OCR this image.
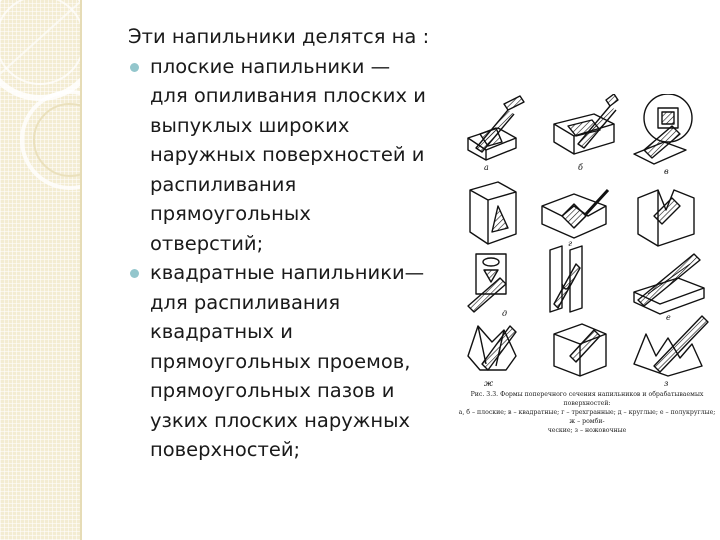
Эти напильники делятся на :

плоские напильники —
для опиливания плоских и
выпуклых широких
наружных поверхностей и
распиливания
прямоугольных
отверстий;
квадратные напильники—
для распиливания
квадратных и
прямоугольных проемов,
прямоугольных пазов и
узких плоских наружных
поверхностей;
а	б	в
г
д	е
ж	з
Рис. 3.3. Формы поперечного сечения напильников и обрабатываемых
поверхностей:
а, б – плоские; в – квадратные; г – трехгранные; д – круглые; е – полукруглые; ж – ромби-
ческие; з – ножовочные
